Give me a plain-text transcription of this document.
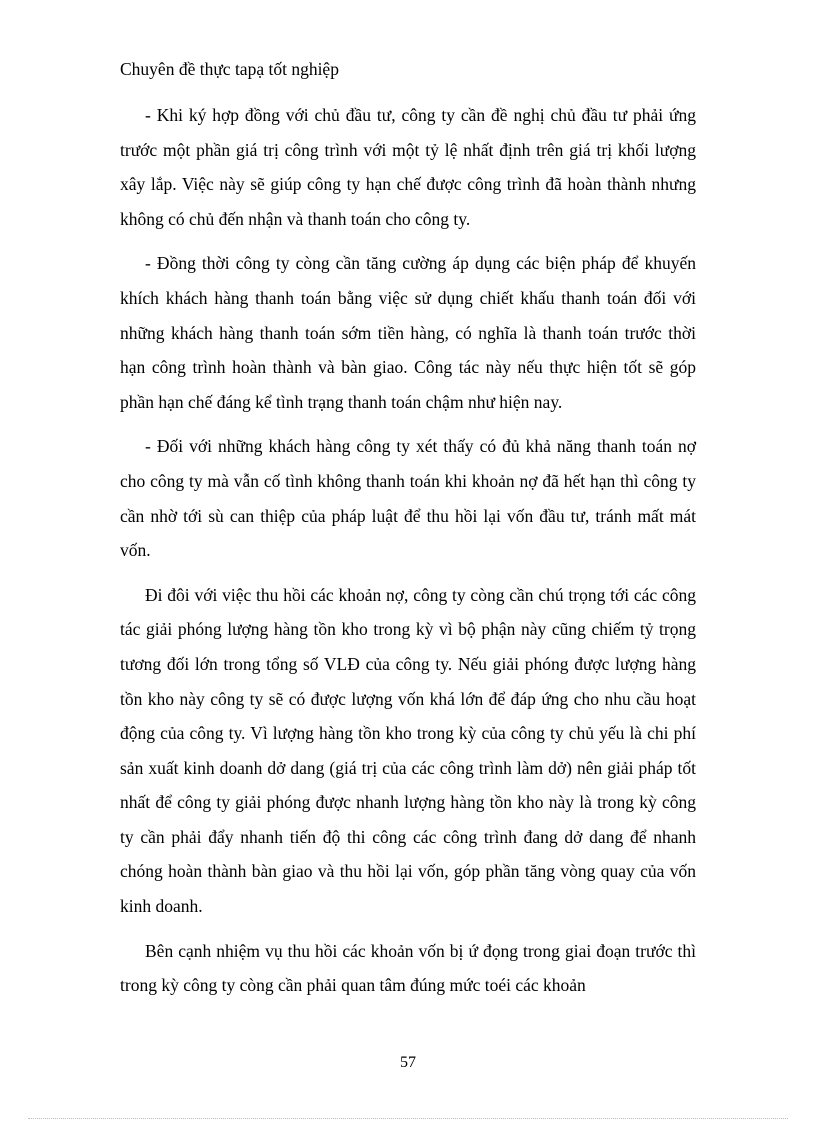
Chuyên đề thực tapạ tốt nghiệp

- Khi ký hợp đồng với chủ đầu tư, công ty cần đề nghị chủ đầu tư phải ứng trước một phần giá trị công trình với một tỷ lệ nhất định trên giá trị khối lượng xây lắp. Việc này sẽ giúp công ty hạn chế được công trình đã hoàn thành nhưng không có chủ đến nhận và thanh toán cho công ty.

- Đồng thời công ty còng cần tăng cường áp dụng các biện pháp để khuyến khích khách hàng thanh toán bằng việc sử dụng chiết khấu thanh toán đối với những khách hàng thanh toán sớm tiền hàng, có nghĩa là thanh toán trước thời hạn công trình hoàn thành và bàn giao. Công tác này nếu thực hiện tốt sẽ góp phần hạn chế đáng kể tình trạng thanh toán chậm như hiện nay.

- Đối với những khách hàng công ty xét thấy có đủ khả năng thanh toán nợ cho công ty mà vẫn cố tình không thanh toán khi khoản nợ đã hết hạn thì công ty cần nhờ tới sù can thiệp của pháp luật để thu hồi lại vốn đầu tư, tránh mất mát vốn.

Đi đôi với việc thu hồi các khoản nợ, công ty còng cần chú trọng tới các công tác giải phóng lượng hàng tồn kho trong kỳ vì bộ phận này cũng chiếm tỷ trọng tương đối lớn trong tổng số VLĐ của công ty. Nếu giải phóng được lượng hàng tồn kho này công ty sẽ có được lượng vốn khá lớn để đáp ứng cho nhu cầu hoạt động của công ty. Vì lượng hàng tồn kho trong kỳ của công ty chủ yếu là chi phí sản xuất kinh doanh dở dang (giá trị của các công trình làm dở) nên giải pháp tốt nhất để công ty giải phóng được nhanh lượng hàng tồn kho này là trong kỳ công ty cần phải đẩy nhanh tiến độ thi công các công trình đang dở dang để nhanh chóng hoàn thành bàn giao và thu hồi lại vốn, góp phần tăng vòng quay của vốn kinh doanh.

Bên cạnh nhiệm vụ thu hồi các khoản vốn bị ứ đọng trong giai đoạn trước thì trong kỳ công ty còng cần phải quan tâm đúng mức toéi các khoản

57
